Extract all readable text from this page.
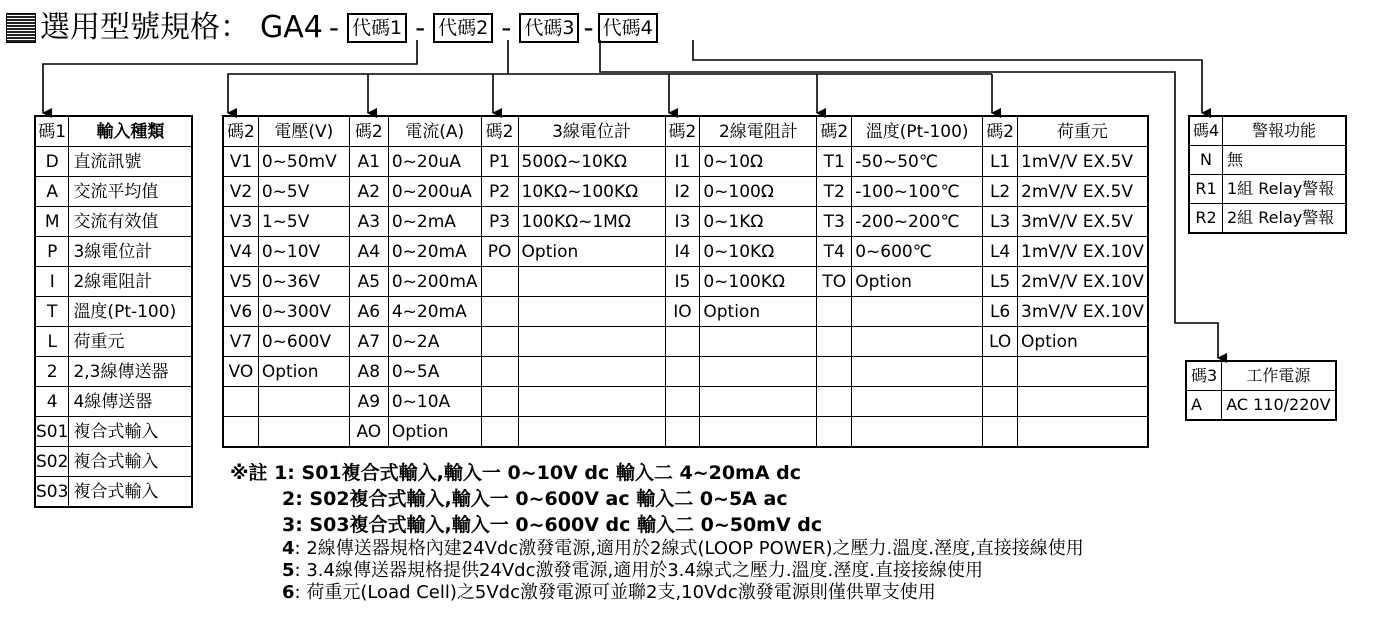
選用型號規格： GA4 - 代碼1 - 代碼2 - 代碼3 - 代碼4
碼1	輸入種類
D	直流訊號
A	交流平均值
M	交流有效值
P	3線電位計
I	2線電阻計
T	溫度(Pt-100)
L	荷重元
2	2,3線傳送器
4	4線傳送器
S01	複合式輸入
S02	複合式輸入
S03	複合式輸入
碼2	電壓(V)	碼2	電流(A)	碼2	3線電位計	碼2	2線電阻計	碼2	溫度(Pt-100)	碼2	荷重元
V1	0~50mV	A1	0~20uA	P1	500Ω~10KΩ	I1	0~10Ω	T1	-50~50℃	L1	1mV/V EX.5V
V2	0~5V	A2	0~200uA	P2	10KΩ~100KΩ	I2	0~100Ω	T2	-100~100℃	L2	2mV/V EX.5V
V3	1~5V	A3	0~2mA	P3	100KΩ~1MΩ	I3	0~1KΩ	T3	-200~200℃	L3	3mV/V EX.5V
V4	0~10V	A4	0~20mA	PO	Option	I4	0~10KΩ	T4	0~600℃	L4	1mV/V EX.10V
V5	0~36V	A5	0~200mA			I5	0~100KΩ	TO	Option	L5	2mV/V EX.10V
V6	0~300V	A6	4~20mA			IO	Option			L6	3mV/V EX.10V
V7	0~600V	A7	0~2A							LO	Option
VO	Option	A8	0~5A								
		A9	0~10A								
		AO	Option								
碼4	警報功能
N	無
R1	1組 Relay警報
R2	2組 Relay警報
碼3	工作電源
A	AC 110/220V
※註 1: S01複合式輸入,輸入一 0~10V dc 輸入二 4~20mA dc
2: S02複合式輸入,輸入一 0~600V ac 輸入二 0~5A ac
3: S03複合式輸入,輸入一 0~600V dc 輸入二 0~50mV dc
4: 2線傳送器規格內建24Vdc激發電源,適用於2線式(LOOP POWER)之壓力.溫度.溼度,直接接線使用
5: 3.4線傳送器規格提供24Vdc激發電源,適用於3.4線式之壓力.溫度.溼度.直接接線使用
6: 荷重元(Load Cell)之5Vdc激發電源可並聯2支,10Vdc激發電源則僅供單支使用
